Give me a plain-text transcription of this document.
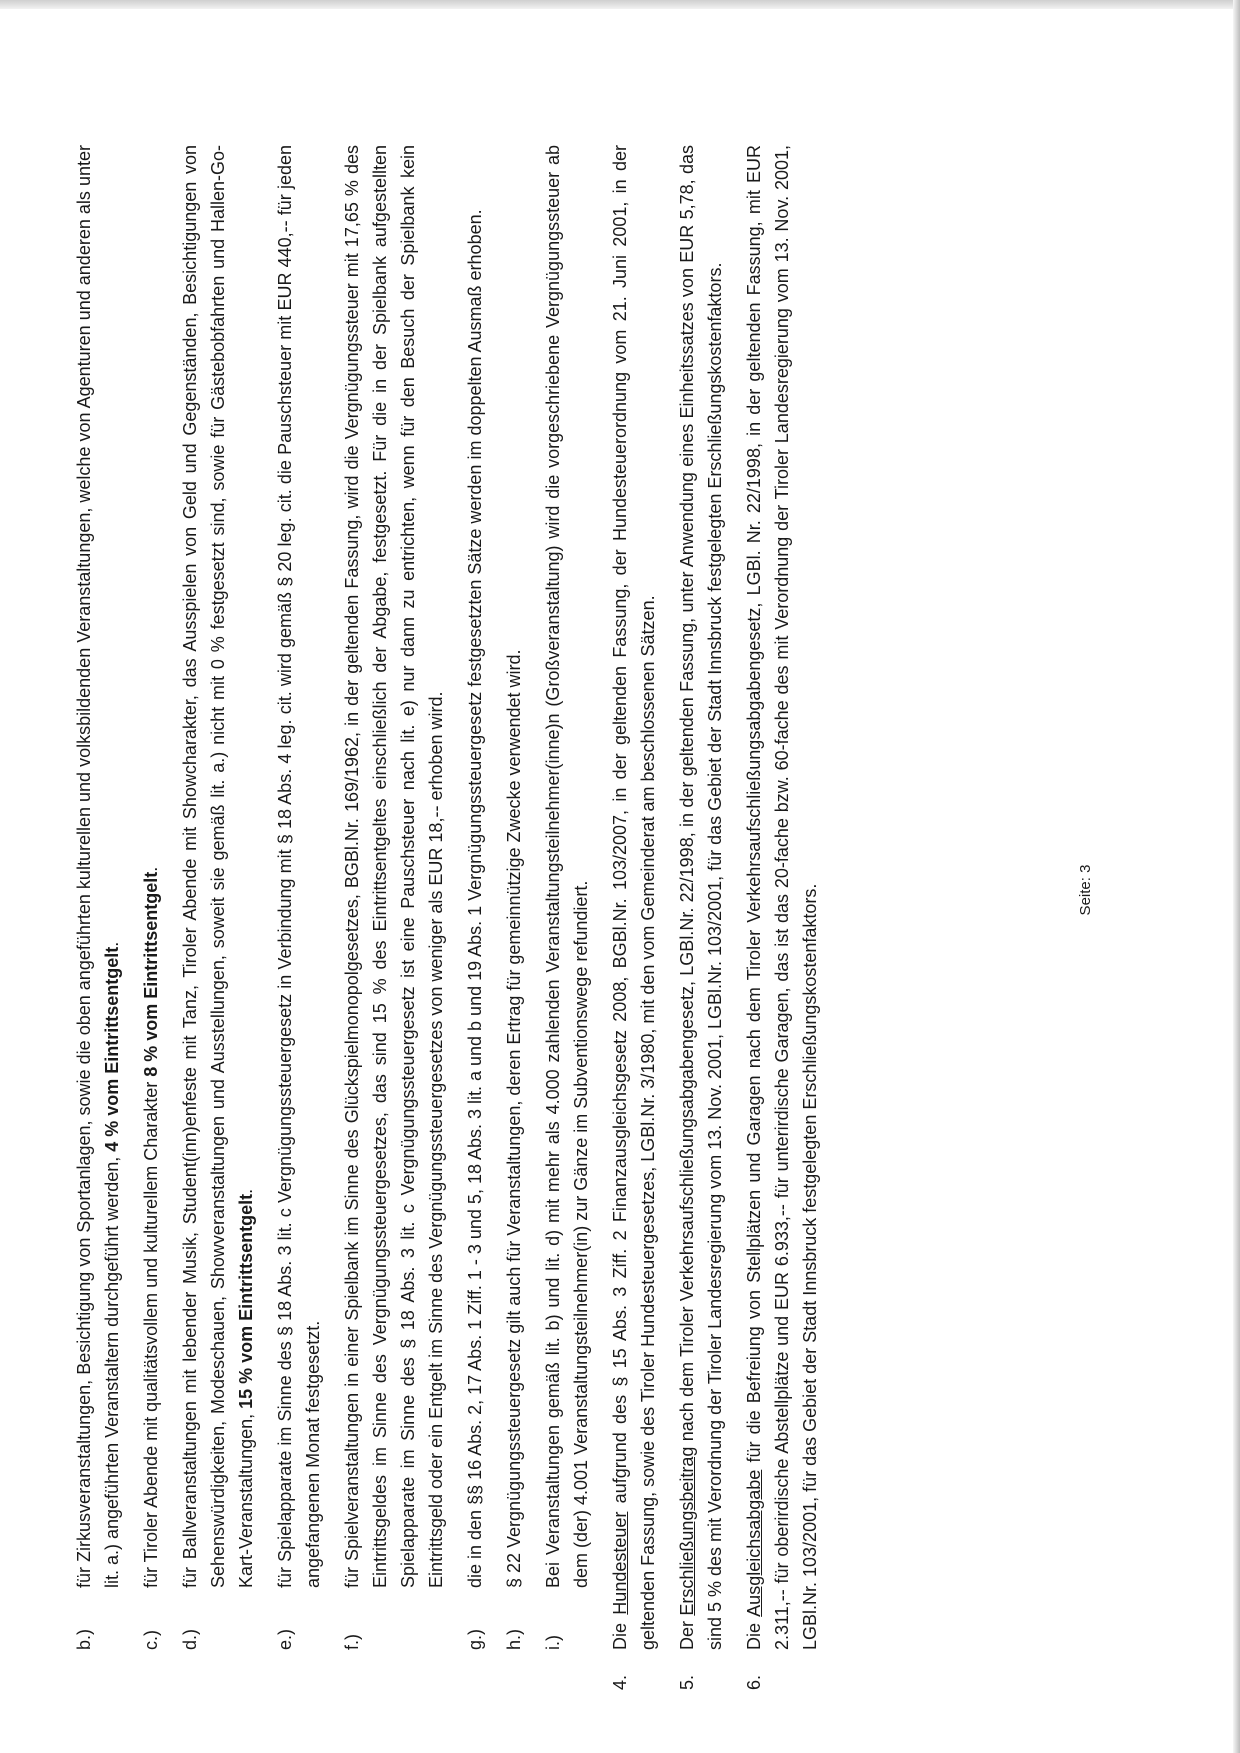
b.)
für Zirkusveranstaltungen, Besichtigung von Sportanlagen, sowie die oben angeführten kulturellen und volksbildenden Veranstaltungen, welche von Agenturen und anderen als unter lit. a.) angeführten Veranstaltern durchgeführt werden, 4 % vom Eintrittsentgelt.
c.)
für Tiroler Abende mit qualitätsvollem und kulturellem Charakter 8 % vom Eintrittsentgelt.
d.)
für Ballveranstaltungen mit lebender Musik, Student(inn)enfeste mit Tanz, Tiroler Abende mit Showcharakter, das Ausspielen von Geld und Gegenständen, Besichtigungen von Sehenswürdigkeiten, Modeschauen, Showveranstaltungen und Ausstellungen, soweit sie gemäß lit. a.) nicht mit 0 % festgesetzt sind, sowie für Gästebobfahrten und Hallen-Go-Kart-Veranstaltungen, 15 % vom Eintrittsentgelt.
e.)
für Spielapparate im Sinne des § 18 Abs. 3 lit. c Vergnügungssteuergesetz in Verbindung mit § 18 Abs. 4 leg. cit. wird gemäß § 20 leg. cit. die Pauschsteuer mit EUR 440,-- für jeden angefangenen Monat festgesetzt.
f.)
für Spielveranstaltungen in einer Spielbank im Sinne des Glückspielmonopolgesetzes, BGBl.Nr. 169/1962, in der geltenden Fassung, wird die Vergnügungssteuer mit 17,65 % des Eintrittsgeldes im Sinne des Vergnügungssteuergesetzes, das sind 15 % des Eintrittsentgeltes einschließlich der Abgabe, festgesetzt. Für die in der Spielbank aufgestellten Spielapparate im Sinne des § 18 Abs. 3 lit. c Vergnügungssteuergesetz ist eine Pauschsteuer nach lit. e) nur dann zu entrichten, wenn für den Besuch der Spielbank kein Eintrittsgeld oder ein Entgelt im Sinne des Vergnügungssteuergesetzes von weniger als EUR 18,-- erhoben wird.
g.)
die in den §§ 16 Abs. 2, 17 Abs. 1 Ziff. 1 - 3 und 5, 18 Abs. 3 lit. a und b und 19 Abs. 1 Vergnügungssteuergesetz festgesetzten Sätze werden im doppelten Ausmaß erhoben.
h.)
§ 22 Vergnügungssteuergesetz gilt auch für Veranstaltungen, deren Ertrag für gemeinnützige Zwecke verwendet wird.
i.)
Bei Veranstaltungen gemäß lit. b) und lit. d) mit mehr als 4.000 zahlenden Veranstaltungsteilnehmer(inne)n (Großveranstaltung) wird die vorgeschriebene Vergnügungssteuer ab dem (der) 4.001 Veranstaltungsteilnehmer(in) zur Gänze im Subventionswege refundiert.
4.
Die Hundesteuer aufgrund des § 15 Abs. 3 Ziff. 2 Finanzausgleichsgesetz 2008, BGBl.Nr. 103/2007, in der geltenden Fassung, der Hundesteuerordnung vom 21. Juni 2001, in der geltenden Fassung, sowie des Tiroler Hundesteuergesetzes, LGBl.Nr. 3/1980, mit den vom Gemeinderat am beschlossenen Sätzen.
5.
Der Erschließungsbeitrag nach dem Tiroler Verkehrsaufschließungsabgabengesetz, LGBl.Nr. 22/1998, in der geltenden Fassung, unter Anwendung eines Einheitssatzes von EUR 5,78, das sind 5 % des mit Verordnung der Tiroler Landesregierung vom 13. Nov. 2001, LGBl.Nr. 103/2001, für das Gebiet der Stadt Innsbruck festgelegten Erschließungskostenfaktors.
6.
Die Ausgleichsabgabe für die Befreiung von Stellplätzen und Garagen nach dem Tiroler Verkehrsaufschließungsabgabengesetz, LGBl. Nr. 22/1998, in der geltenden Fassung, mit EUR 2.311,-- für oberirdische Abstellplätze und EUR 6.933,-- für unterirdische Garagen, das ist das 20-fache bzw. 60-fache des mit Verordnung der Tiroler Landesregierung vom 13. Nov. 2001, LGBl.Nr. 103/2001, für das Gebiet der Stadt Innsbruck festgelegten Erschließungskostenfaktors.	Seite: 3
